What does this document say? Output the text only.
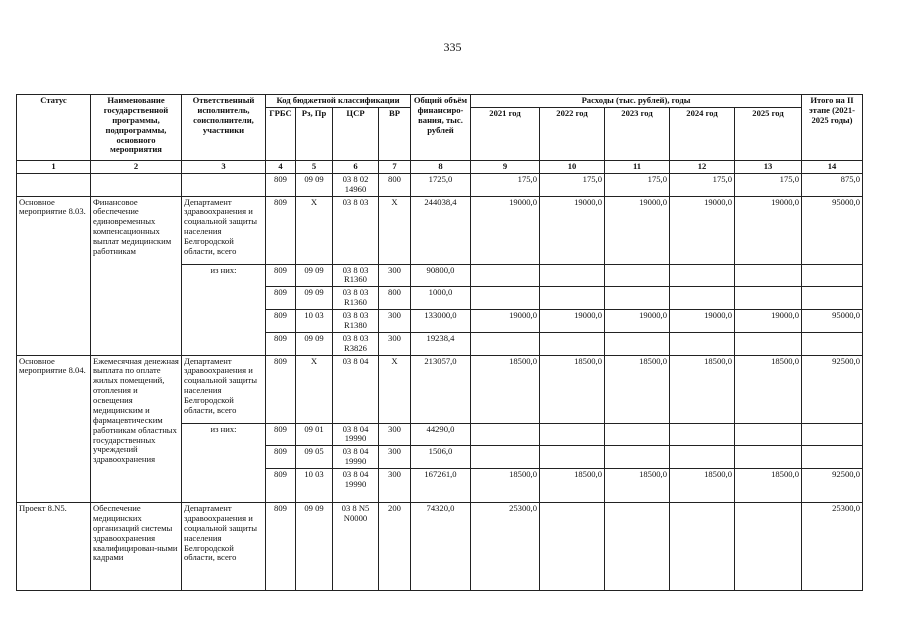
335
Статус	Наименование государственной программы, подпрограммы, основного мероприятия	Ответственный исполнитель, соисполнители, участники	Код бюджетной классификации				Общий объём финансиро-вания, тыс. рублей	Расходы (тыс. рублей), годы					Итого на II этапе (2021-2025 годы)
			ГРБС	Рз, Пр	ЦСР	ВР		2021 год	2022 год	2023 год	2024 год	2025 год	
1	2	3	4	5	6	7	8	9	10	11	12	13	14
			809	09 09	03 8 02 14960	800	1725,0	175,0	175,0	175,0	175,0	175,0	875,0
Основное мероприятие 8.03.	Финансовое обеспечение единовременных компенсационных выплат медицинским работникам	Департамент здравоохранения и социальной защиты населения Белгородской области, всего	809	Х	03 8 03	Х	244038,4	19000,0	19000,0	19000,0	19000,0	19000,0	95000,0
		из них:	809	09 09	03 8 03 R1360	300	90800,0						
			809	09 09	03 8 03 R1360	800	1000,0						
			809	10 03	03 8 03 R1380	300	133000,0	19000,0	19000,0	19000,0	19000,0	19000,0	95000,0
			809	09 09	03 8 03 R3826	300	19238,4						
Основное мероприятие 8.04.	Ежемесячная денежная выплата по оплате жилых помещений, отопления и освещения медицинским и фармацевтическим работникам областных государственных учреждений здравоохранения	Департамент здравоохранения и социальной защиты населения Белгородской области, всего	809	Х	03 8 04	Х	213057,0	18500,0	18500,0	18500,0	18500,0	18500,0	92500,0
		из них:	809	09 01	03 8 04 19990	300	44290,0						
			809	09 05	03 8 04 19990	300	1506,0						
			809	10 03	03 8 04 19990	300	167261,0	18500,0	18500,0	18500,0	18500,0	18500,0	92500,0
Проект 8.N5.	Обеспечение медицинских организаций системы здравоохранения квалифицирован-ными кадрами	Департамент здравоохранения и социальной защиты населения Белгородской области, всего	809	09 09	03 8 N5 N0000	200	74320,0	25300,0					25300,0
